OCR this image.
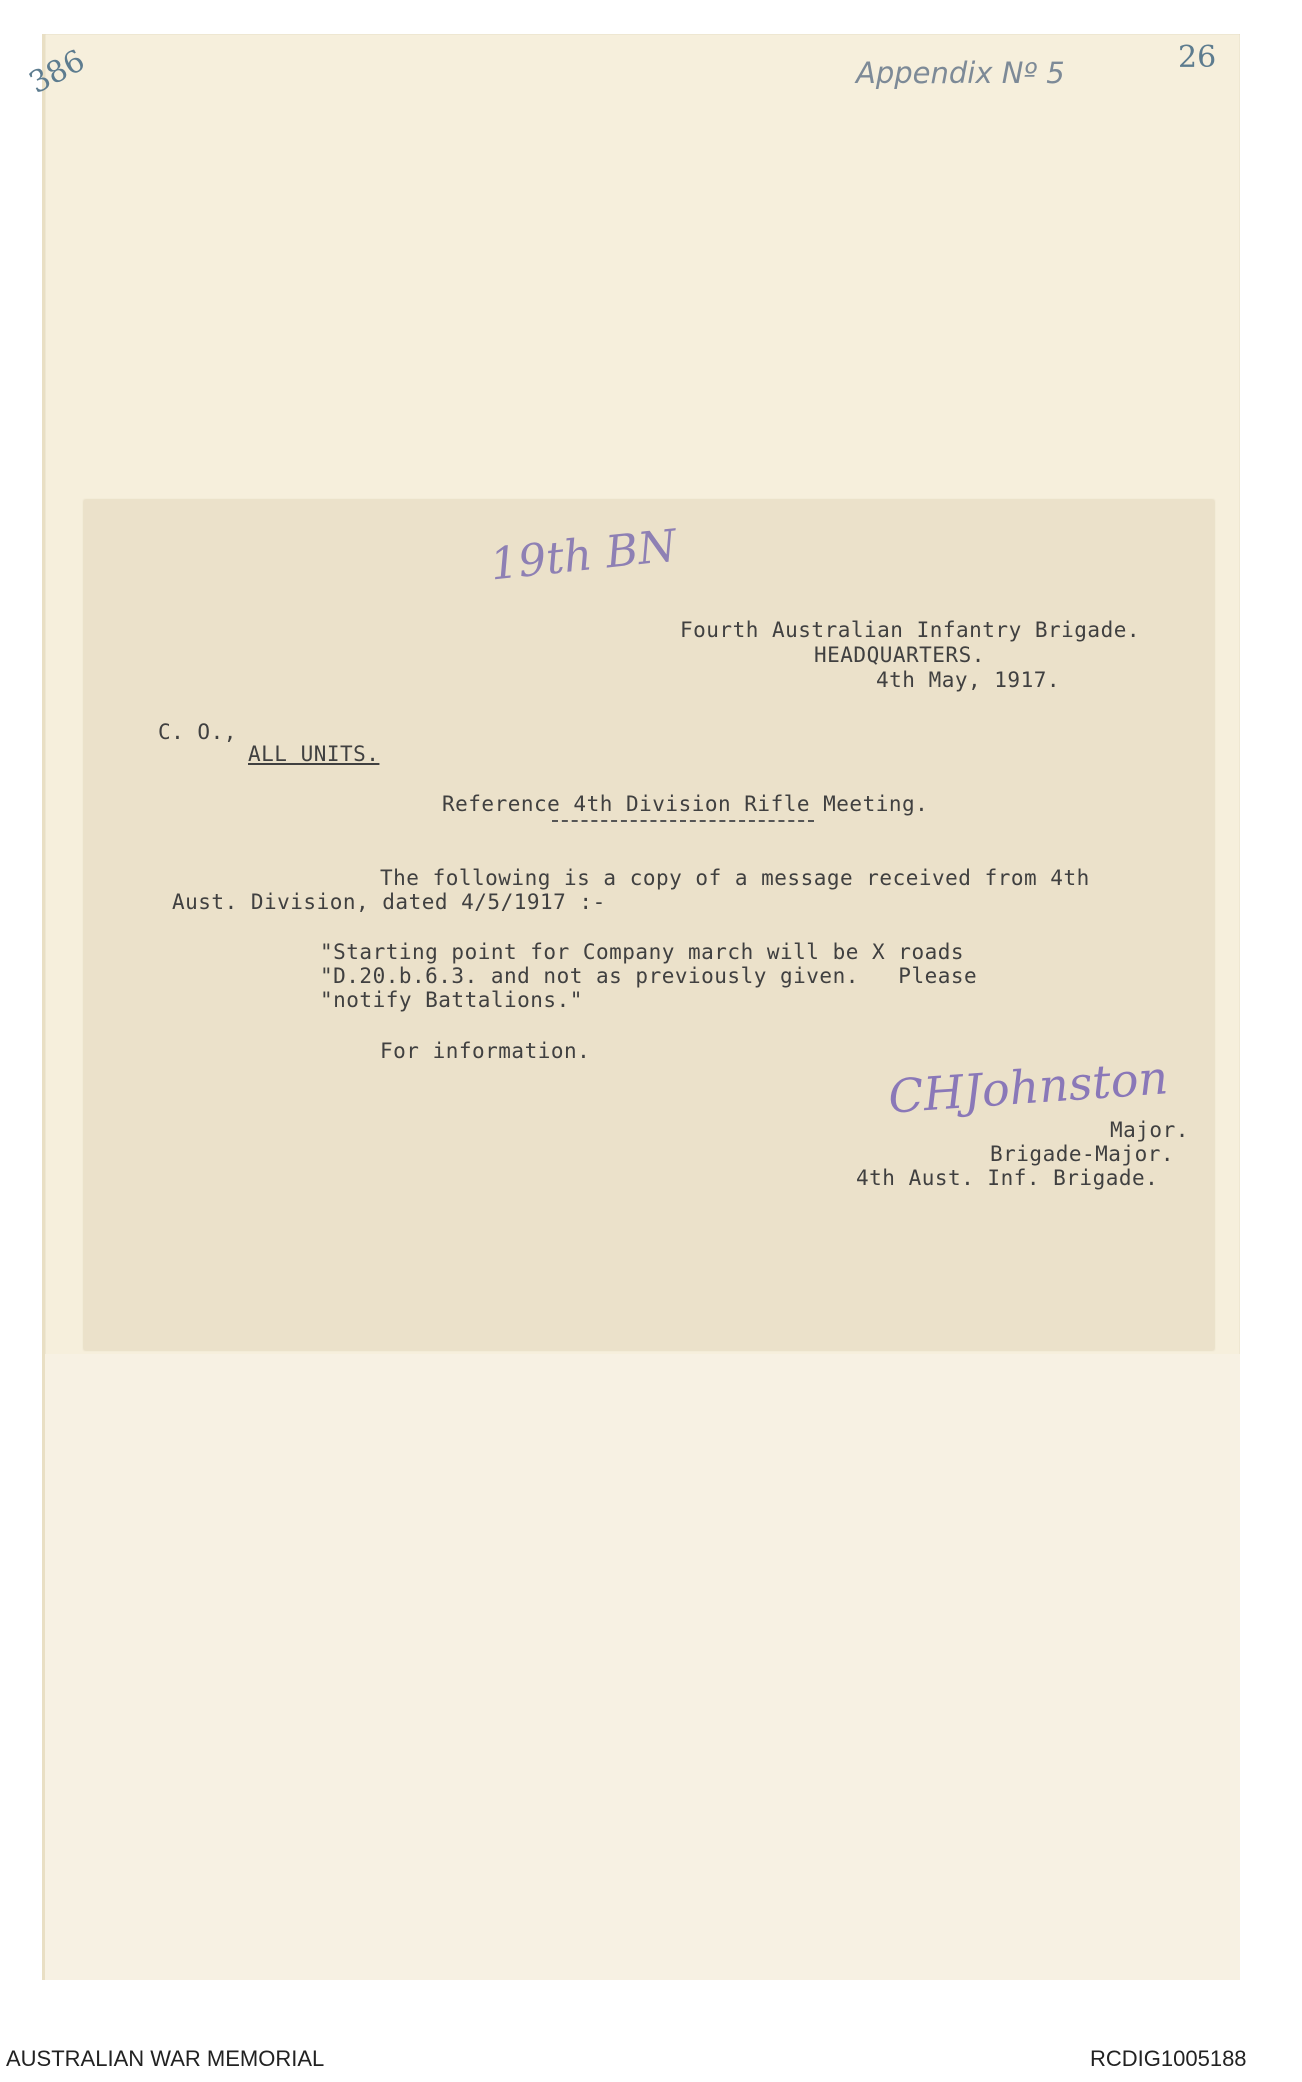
386	26
Appendix Nº 5
19th BN
Fourth Australian Infantry Brigade.
HEADQUARTERS.
4th May, 1917.
C. O.,
ALL UNITS.
Reference 4th Division Rifle Meeting.
The following is a copy of a message received from 4th
Aust. Division, dated 4/5/1917 :-
"Starting point for Company march will be X roads
"D.20.b.6.3. and not as previously given.   Please
"notify Battalions."
For information.	CHJohnston
Major.
Brigade-Major.
4th Aust. Inf. Brigade.
AUSTRALIAN WAR MEMORIAL	RCDIG1005188
